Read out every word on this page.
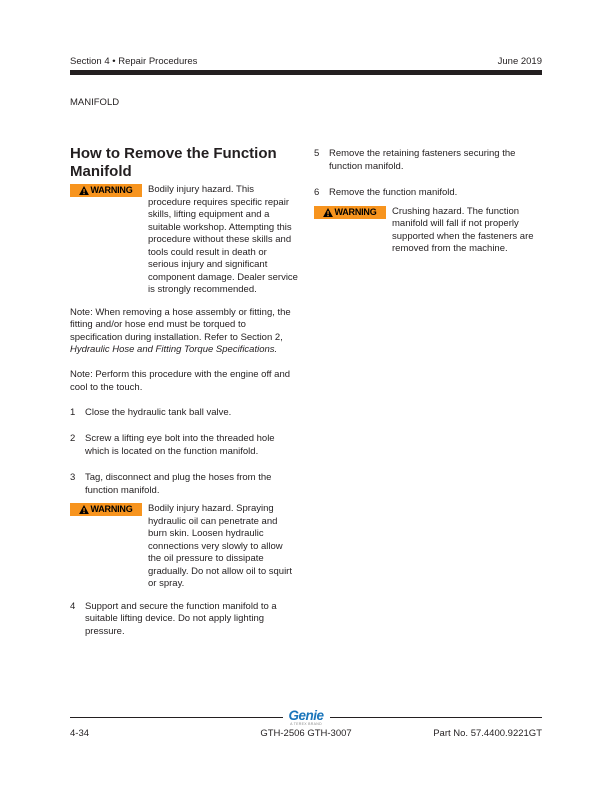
Section 4 • Repair Procedures	June 2019
MANIFOLD
How to Remove the Function Manifold
WARNING Bodily injury hazard. This procedure requires specific repair skills, lifting equipment and a suitable workshop. Attempting this procedure without these skills and tools could result in death or serious injury and significant component damage. Dealer service is strongly recommended.

Note: When removing a hose assembly or fitting, the fitting and/or hose end must be torqued to specification during installation. Refer to Section 2, Hydraulic Hose and Fitting Torque Specifications.

Note: Perform this procedure with the engine off and cool to the touch.

1	Close the hydraulic tank ball valve.
2	Screw a lifting eye bolt into the threaded hole which is located on the function manifold.
3	Tag, disconnect and plug the hoses from the function manifold.
WARNING Bodily injury hazard. Spraying hydraulic oil can penetrate and burn skin. Loosen hydraulic connections very slowly to allow the oil pressure to dissipate gradually. Do not allow oil to squirt or spray.

4	Support and secure the function manifold to a suitable lifting device. Do not apply lighting pressure.
5	Remove the retaining fasteners securing the function manifold.
6	Remove the function manifold.
WARNING Crushing hazard. The function manifold will fall if not properly supported when the fasteners are removed from the machine.

Genie
A TEREX BRAND
4-34	GTH-2506 GTH-3007	Part No. 57.4400.9221GT
